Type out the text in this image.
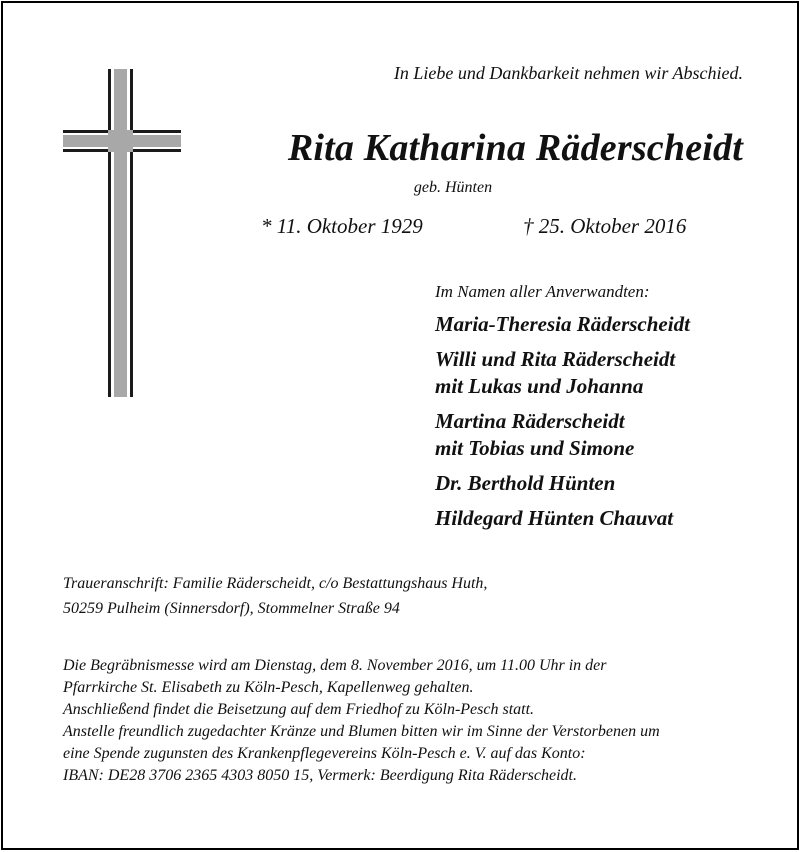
In Liebe und Dankbarkeit nehmen wir Abschied.
Rita Katharina Räderscheidt
geb. Hünten
* 11. Oktober 1929	† 25. Oktober 2016
Im Namen aller Anverwandten:
Maria-Theresia Räderscheidt
Willi und Rita Räderscheidt
mit Lukas und Johanna
Martina Räderscheidt
mit Tobias und Simone
Dr. Berthold Hünten
Hildegard Hünten Chauvat
Traueranschrift: Familie Räderscheidt, c/o Bestattungshaus Huth,
50259 Pulheim (Sinnersdorf), Stommelner Straße 94
Die Begräbnismesse wird am Dienstag, dem 8. November 2016, um 11.00 Uhr in der
Pfarrkirche St. Elisabeth zu Köln-Pesch, Kapellenweg gehalten.
Anschließend findet die Beisetzung auf dem Friedhof zu Köln-Pesch statt.
Anstelle freundlich zugedachter Kränze und Blumen bitten wir im Sinne der Verstorbenen um
eine Spende zugunsten des Krankenpflegevereins Köln-Pesch e. V. auf das Konto:
IBAN: DE28 3706 2365 4303 8050 15, Vermerk: Beerdigung Rita Räderscheidt.
